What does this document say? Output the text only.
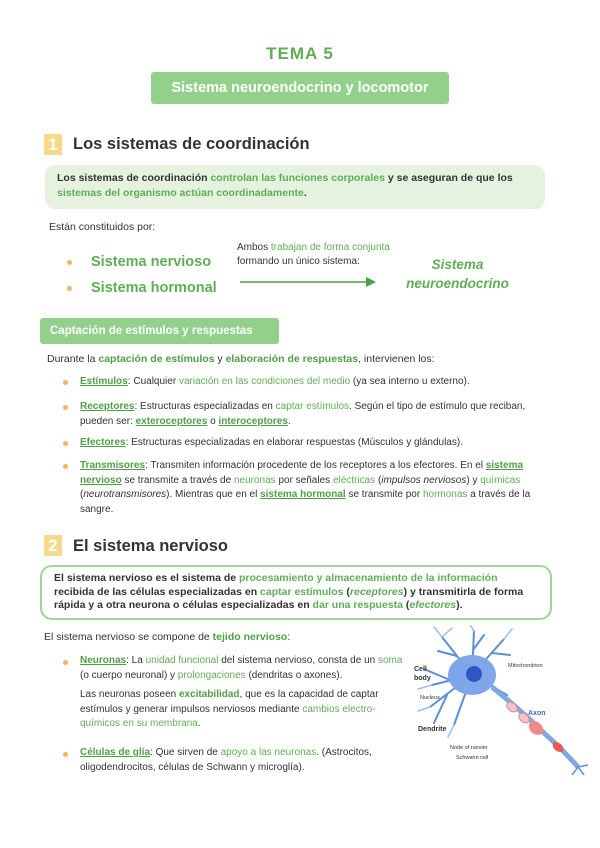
TEMA 5
Sistema neuroendocrino y locomotor
1 Los sistemas de coordinación
Los sistemas de coordinación controlan las funciones corporales y se aseguran de que los sistemas del organismo actúan coordinadamente.
Están constituidos por:
Sistema nervioso
Sistema hormonal
Ambos trabajan de forma conjunta
formando un único sistema:	Sistema
neuroendocrino
Captación de estímulos y respuestas
Durante la captación de estímulos y elaboración de respuestas, intervienen los:
Estímulos: Cualquier variación en las condiciones del medio (ya sea interno u externo).
Receptores: Estructuras especializadas en captar estímulos. Según el tipo de estímulo que reciban, pueden ser: exteroceptores o interoceptores.
Efectores: Estructuras especializadas en elaborar respuestas (Músculos y glándulas).
Transmisores: Transmiten información procedente de los receptores a los efectores. En el sistema nervioso se transmite a través de neuronas por señales eléctricas (impulsos nerviosos) y químicas (neurotransmisores). Mientras que en el sistema hormonal se transmite por hormonas a través de la sangre.
2 El sistema nervioso
El sistema nervioso es el sistema de procesamiento y almacenamiento de la información recibida de las células especializadas en captar estímulos (receptores) y transmitirla de forma rápida y a otra neurona o células especializadas en dar una respuesta (efectores).
El sistema nervioso se compone de tejido nervioso:
Neuronas: La unidad funcional del sistema nervioso, consta de un soma (o cuerpo neuronal) y prolongaciones (dendritas o axones).
Las neuronas poseen excitabilidad, que es la capacidad de captar estímulos y generar impulsos nerviosos mediante cambios electro-químicos en su membrana.
Células de glía: Que sirven de apoyo a las neuronas. (Astrocitos, oligodendrocitos, células de Schwann y microglía).
Cell
body
Nucleus
Mitochondrion
Axon
Dendrite
Node of ranvier
Schwann cell
